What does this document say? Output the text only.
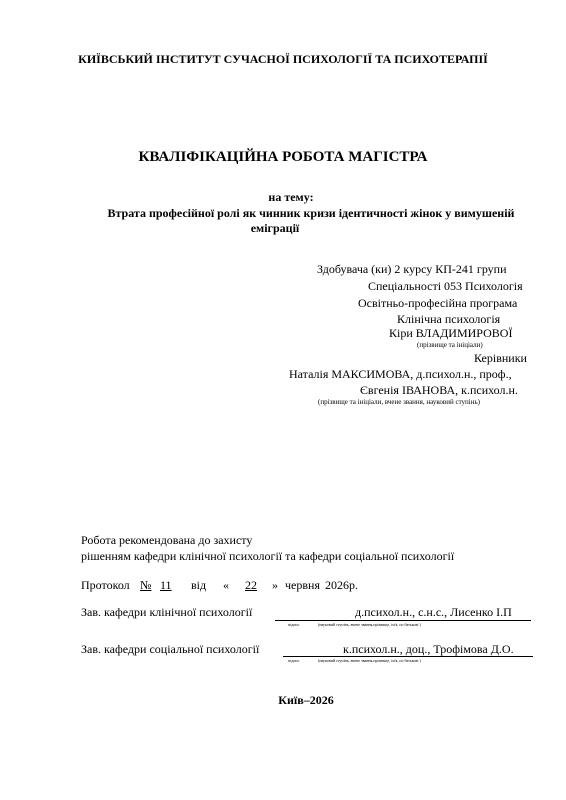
КИЇВСЬКИЙ ІНСТИТУТ СУЧАСНОЇ ПСИХОЛОГІЇ ТА ПСИХОТЕРАПІЇ
КВАЛІФІКАЦІЙНА РОБОТА МАГІСТРА
на тему:
Втрата професійної ролі як чинник кризи ідентичності жінок у вимушеній
еміграції
Здобувача (ки) 2 курсу КП-241 групи
Спеціальності 053 Психологія
Освітньо-професійна програма
Клінічна психологія
Кіри ВЛАДИМИРОВОЇ
(прізвище та ініціали)
Керівники
Наталія МАКСИМОВА, д.психол.н., проф.,
Євгенія ІВАНОВА, к.психол.н.
(прізвище та ініціали, вчене звання, науковий ступінь)
Робота рекомендована до захисту
рішенням кафедри клінічної психології та кафедри соціальної психології
Протокол № 11 від « 22 » червня 2026р.
Зав. кафедри клінічної психології	д.психол.н., с.н.с., Лисенко І.П
підпис	(науковий ступінь, вчене звання,прізвище, ім'я, по батькові )
Зав. кафедри соціальної психології	к.психол.н., доц., Трофімова Д.О.
підпис	(науковий ступінь, вчене звання,прізвище, ім'я, по батькові )
Київ–2026
